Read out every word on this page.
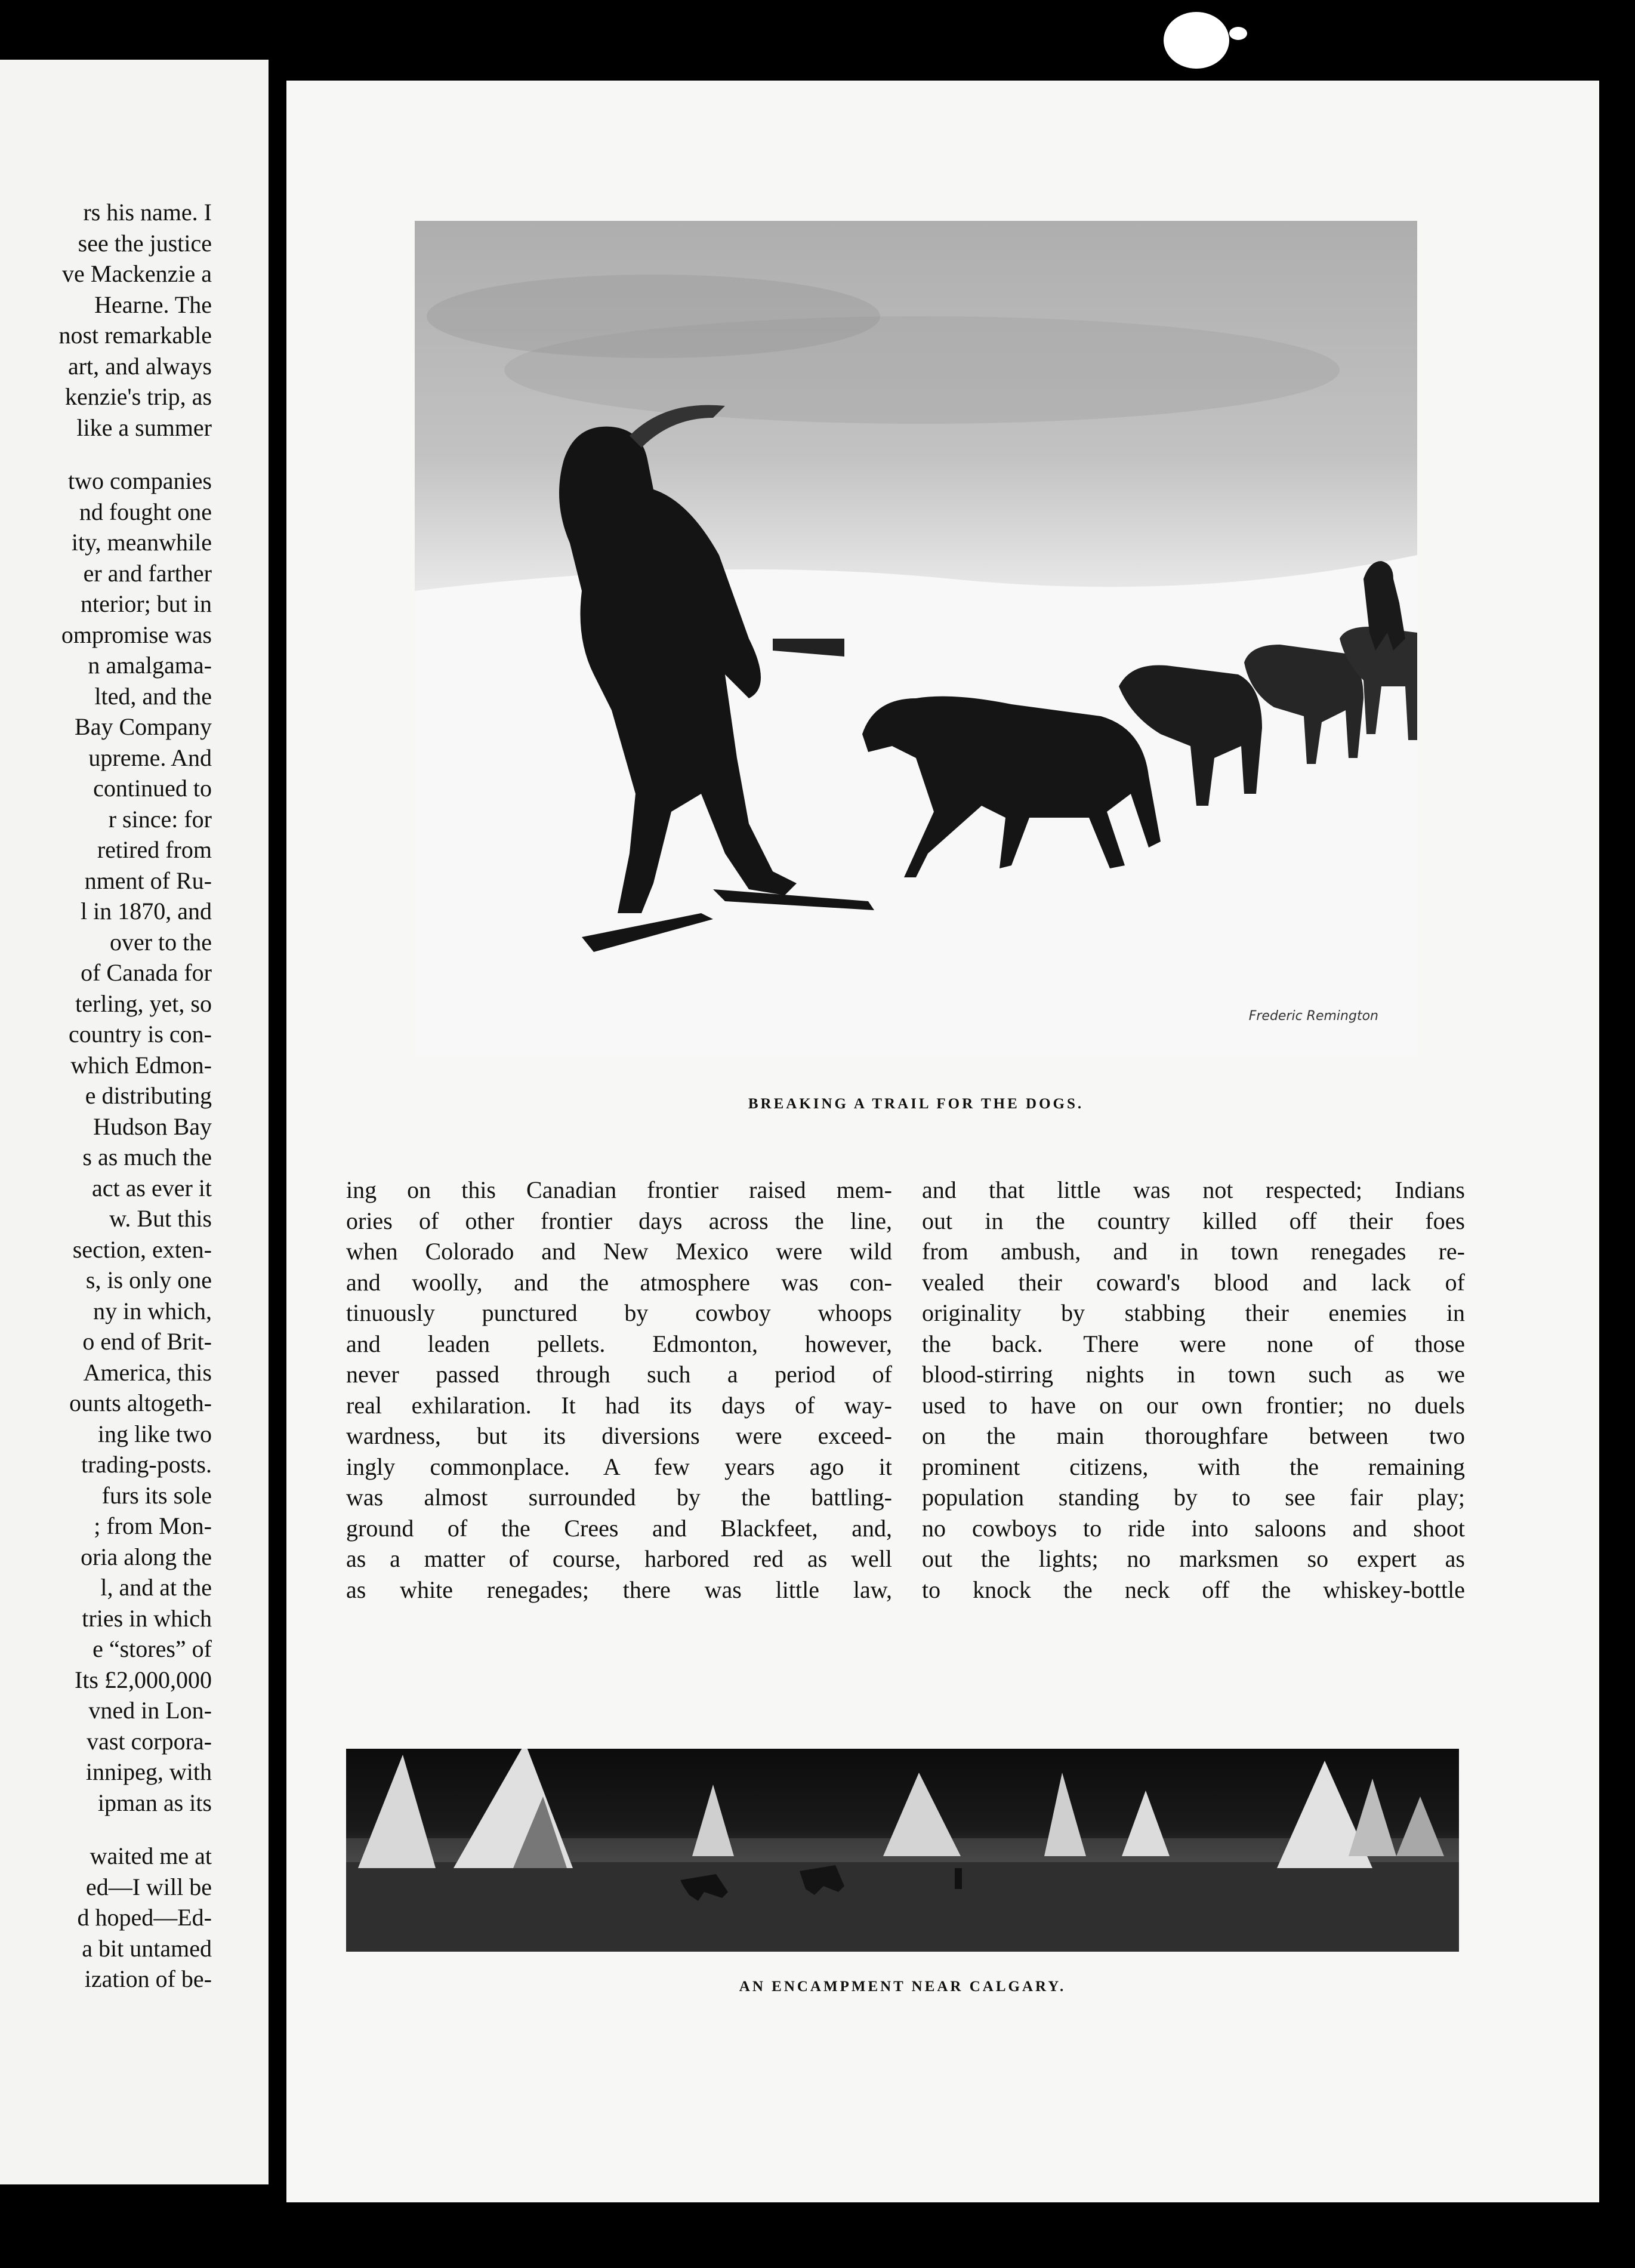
rs his name. I
see the justice
ve Mackenzie a
Hearne. The
nost remarkable
art, and always
kenzie's trip, as
like a summer
two companies
nd fought one
ity, meanwhile
er and farther
nterior; but in
ompromise was
n amalgama-
lted, and the
Bay Company
upreme. And
continued to
r since: for
retired from
nment of Ru-
l in 1870, and
over to the
of Canada for
terling, yet, so
country is con-
which Edmon-
e distributing
Hudson Bay
s as much the
act as ever it
w. But this
section, exten-
s, is only one
ny in which,
o end of Brit-
America, this
ounts altogeth-
ing like two
trading-posts.
furs its sole
; from Mon-
oria along the
l, and at the
tries in which
e “stores” of
Its £2,000,000
vned in Lon-
vast corpora-
innipeg, with
ipman as its
waited me at
ed—I will be
d hoped—Ed-
a bit untamed
ization of be-
Frederic Remington
BREAKING A TRAIL FOR THE DOGS.
ing on this Canadian frontier raised mem-
ories of other frontier days across the line,
when Colorado and New Mexico were wild
and woolly, and the atmosphere was con-
tinuously punctured by cowboy whoops
and leaden pellets. Edmonton, however,
never passed through such a period of
real exhilaration. It had its days of way-
wardness, but its diversions were exceed-
ingly commonplace. A few years ago it
was almost surrounded by the battling-
ground of the Crees and Blackfeet, and,
as a matter of course, harbored red as well
as white renegades; there was little law,
and that little was not respected; Indians
out in the country killed off their foes
from ambush, and in town renegades re-
vealed their coward's blood and lack of
originality by stabbing their enemies in
the back. There were none of those
blood-stirring nights in town such as we
used to have on our own frontier; no duels
on the main thoroughfare between two
prominent citizens, with the remaining
population standing by to see fair play;
no cowboys to ride into saloons and shoot
out the lights; no marksmen so expert as
to knock the neck off the whiskey-bottle
AN ENCAMPMENT NEAR CALGARY.
